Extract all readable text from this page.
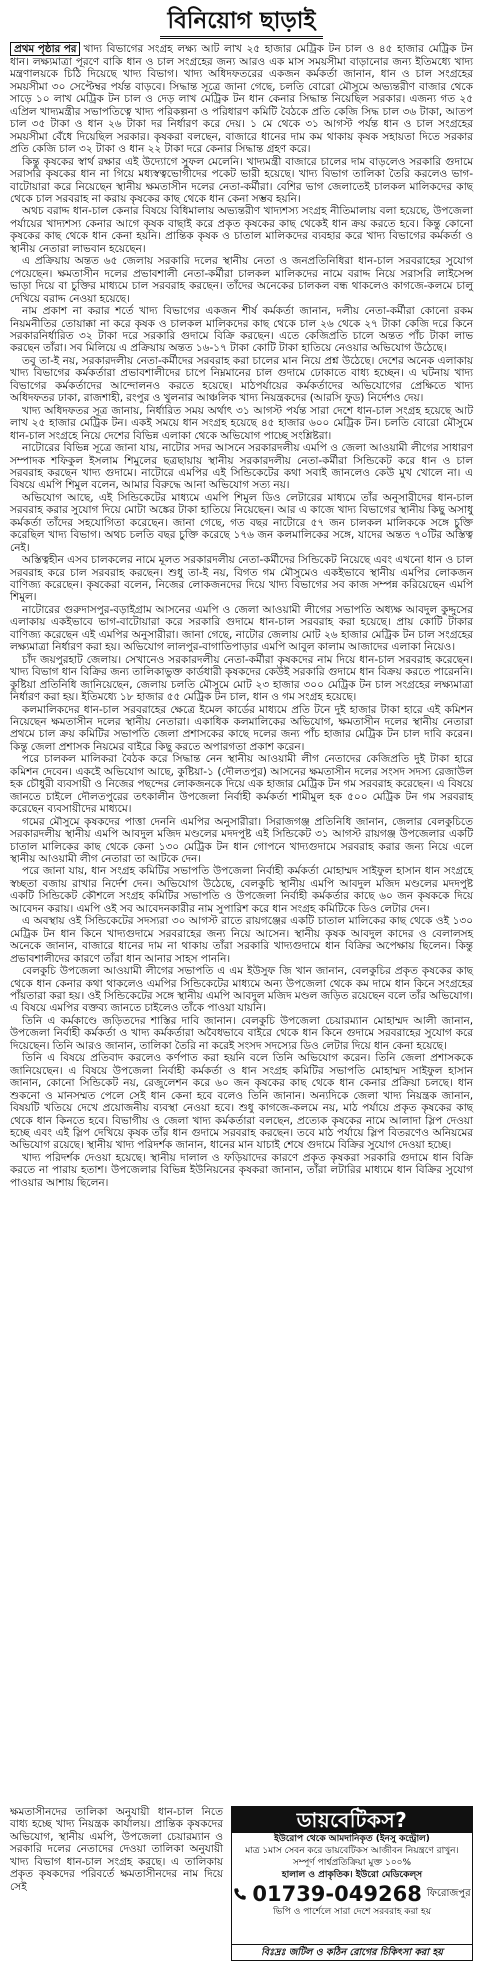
বিনিয়োগ ছাড়াই

প্রথম পৃষ্ঠার পর খাদ্য বিভাগের সংগ্রহ লক্ষ্য আট লাখ ২৫ হাজার মেট্রিক টন চাল ও ৪৫ হাজার মেট্রিক টন ধান। লক্ষ্যমাত্রা পূরণে বাকি ধান ও চাল সংগ্রহের জন্য আরও এক মাস সময়সীমা বাড়ানোর জন্য ইতিমধ্যে খাদ্য মন্ত্রণালয়কে চিঠি দিয়েছে খাদ্য বিভাগ। খাদ্য অধিদফতরের একজন কর্মকর্তা জানান, ধান ও চাল সংগ্রহের সময়সীমা ৩০ সেপ্টেম্বর পর্যন্ত বাড়বে। সিদ্ধান্ত সূত্রে জানা গেছে, চলতি বোরো মৌসুমে অভ্যন্তরীণ বাজার থেকে সাড়ে ১০ লাখ মেট্রিক টন চাল ও দেড় লাখ মেট্রিক টন ধান কেনার সিদ্ধান্ত নিয়েছিল সরকার। এজন্য গত ২৫ এপ্রিল খাদ্যমন্ত্রীর সভাপতিত্বে খাদ্য পরিকল্পনা ও পরিধারণ কমিটি বৈঠকে প্রতি কেজি সিদ্ধ চাল ৩৬ টাকা, আতপ চাল ৩৫ টাকা ও ধান ২৬ টাকা দর নির্ধারণ করে দেয়। ১ মে থেকে ৩১ আগস্ট পর্যন্ত ধান ও চাল সংগ্রহের সময়সীমা বেঁধে দিয়েছিল সরকার। কৃষকরা বলছেন, বাজারে ধানের দাম কম থাকায় কৃষক সহায়তা দিতে সরকার প্রতি কেজি চাল ৩২ টাকা ও ধান ২২ টাকা দরে কেনার সিদ্ধান্ত গ্রহণ করে।

কিন্তু কৃষকের স্বার্থ রক্ষার এই উদ্যোগে সুফল মেলেনি। খাদ্যমন্ত্রী বাজারে চালের দাম বাড়লেও সরকারি গুদামে সরাসরি কৃষকের ধান না গিয়ে মধ্যস্বত্বভোগীদের পকেট ভারী হয়েছে। খাদ্য বিভাগ তালিকা তৈরি করলেও ভাগ-বাটোয়ারা করে নিয়েছেন স্থানীয় ক্ষমতাসীন দলের নেতা-কর্মীরা। বেশির ভাগ জেলাতেই চালকল মালিকদের কাছ থেকে চাল সরবরাহ না করায় কৃষকের কাছ থেকে ধান কেনা সম্ভব হয়নি।

অথচ বরাদ্দ ধান-চাল কেনার বিষয়ে বিধিমালায় অভ্যন্তরীণ খাদ্যশস্য সংগ্রহ নীতিমালায় বলা হয়েছে, উপজেলা পর্যায়ের খাদ্যশস্য কেনার আগে কৃষক বাছাই করে প্রকৃত কৃষকের কাছ থেকেই ধান ক্রয় করতে হবে। কিন্তু কোনো কৃষকের কাছ থেকে ধান কেনা হয়নি। প্রান্তিক কৃষক ও চাতাল মালিকদের ব্যবহার করে খাদ্য বিভাগের কর্মকর্তা ও স্থানীয় নেতারা লাভবান হয়েছেন।

এ প্রক্রিয়ায় অন্তত ৬৫ জেলায় সরকারি দলের স্থানীয় নেতা ও জনপ্রতিনিধিরা ধান-চাল সরবরাহের সুযোগ পেয়েছেন। ক্ষমতাসীন দলের প্রভাবশালী নেতা-কর্মীরা চালকল মালিকদের নামে বরাদ্দ নিয়ে সরাসরি লাইসেন্স ভাড়া দিয়ে বা চুক্তির মাধ্যমে চাল সরবরাহ করছেন। তাঁদের অনেকের চালকল বন্ধ থাকলেও কাগজে-কলমে চালু দেখিয়ে বরাদ্দ নেওয়া হয়েছে।

নাম প্রকাশ না করার শর্তে খাদ্য বিভাগের একজন শীর্ষ কর্মকর্তা জানান, দলীয় নেতা-কর্মীরা কোনো রকম নিয়মনীতির তোয়াক্কা না করে কৃষক ও চালকল মালিকদের কাছ থেকে চাল ২৬ থেকে ২৭ টাকা কেজি দরে কিনে সরকারনির্ধারিত ৩২ টাকা দরে সরকারি গুদামে বিক্রি করছেন। এতে কেজিপ্রতি চালে অন্তত পাঁচ টাকা লাভ করছেন তাঁরা। সব মিলিয়ে এ প্রক্রিয়ায় অন্তত ১৬-১৭ টাকা কোটি টাকা হাতিয়ে নেওয়ার অভিযোগ উঠেছে।

তবু তা-ই নয়, সরকারদলীয় নেতা-কর্মীদের সরবরাহ করা চালের মান নিয়ে প্রশ্ন উঠেছে। দেশের অনেক এলাকায় খাদ্য বিভাগের কর্মকর্তারা প্রভাবশালীদের চাপে নিম্নমানের চাল গুদামে ঢোকাতে বাধ্য হচ্ছেন। এ ঘটনায় খাদ্য বিভাগের কর্মকর্তাদের আন্দোলনও করতে হয়েছে। মাঠপর্যায়ের কর্মকর্তাদের অভিযোগের প্রেক্ষিতে খাদ্য অধিদফতর ঢাকা, রাজশাহী, রংপুর ও খুলনার আঞ্চলিক খাদ্য নিয়ন্ত্রকদের (আরসি ফুড) নির্দেশও দেয়।

খাদ্য অধিদফতর সূত্র জানায়, নির্ধারিত সময় অর্থাৎ ৩১ আগস্ট পর্যন্ত সারা দেশে ধান-চাল সংগ্রহ হয়েছে আট লাখ ২৫ হাজার মেট্রিক টন। একই সময়ে ধান সংগ্রহ হয়েছে ৪৫ হাজার ৬০০ মেট্রিক টন। চলতি বোরো মৌসুমে ধান-চাল সংগ্রহে নিয়ে দেশের বিভিন্ন এলাকা থেকে অভিযোগ পাচ্ছে সংশ্লিষ্টরা।

নাটোরের বিভিন্ন সূত্রে জানা যায়, নাটোর সদর আসনে সরকারদলীয় এমপি ও জেলা আওয়ামী লীগের সাধারণ সম্পাদক শফিকুল ইসলাম শিমুলের ছত্রছায়ায় স্থানীয় সরকারদলীয় নেতা-কর্মীরা সিন্ডিকেট করে ধান ও চাল সরবরাহ করছেন খাদ্য গুদামে। নাটোরে এমপির এই সিন্ডিকেটের কথা সবাই জানলেও কেউ মুখ খোলে না। এ বিষয়ে এমপি শিমুল বলেন, আমার বিরুদ্ধে আনা অভিযোগ সত্য নয়।

অভিযোগ আছে, এই সিন্ডিকেটের মাধ্যমে এমপি শিমুল ডিও লেটারের মাধ্যমে তাঁর অনুসারীদের ধান-চাল সরবরাহ করার সুযোগ দিয়ে মোটা অঙ্কের টাকা হাতিয়ে নিয়েছেন। আর এ কাজে খাদ্য বিভাগের স্থানীয় কিছু অসাধু কর্মকর্তা তাঁদের সহযোগিতা করেছেন। জানা গেছে, গত বছর নাটোরে ৫৭ জন চালকল মালিককে সঙ্গে চুক্তি করেছিল খাদ্য বিভাগ। অথচ চলতি বছর চুক্তি করেছে ১৭৬ জন কলমালিকের সঙ্গে, যাদের অন্তত ৭০টির অস্তিত্ব নেই।

অস্তিত্বহীন এসব চালকলের নামে মূলত সরকারদলীয় নেতা-কর্মীদের সিন্ডিকেট নিয়েছে এবং এখনো ধান ও চাল সরবরাহ করে চাল সরবরাহ করছেন। শুধু তা-ই নয়, বিগত গম মৌসুমেও একইভাবে স্থানীয় এমপির লোকজন বাণিজ্য করেছেন। কৃষকেরা বলেন, নিজের লোকজনদের দিয়ে খাদ্য বিভাগের সব কাজ সম্পন্ন করিয়েছেন এমপি শিমুল।

নাটোরের গুরুদাসপুর-বড়াইগ্রাম আসনের এমপি ও জেলা আওয়ামী লীগের সভাপতি অধ্যক্ষ আবদুল কুদ্দুসের এলাকায় একইভাবে ভাগ-বাটোয়ারা করে সরকারি গুদামে ধান-চাল সরবরাহ করা হয়েছে। প্রায় কোটি টাকার বাণিজ্য করেছেন এই এমপির অনুসারীরা। জানা গেছে, নাটোর জেলায় মোট ২৬ হাজার মেট্রিক টন চাল সংগ্রহের লক্ষ্যমাত্রা নির্ধারণ করা হয়। অভিযোগ লালপুর-বাগাতিপাড়ার এমপি আবুল কালাম আজাদের এলাকা নিয়েও।

চাঁদ জয়পুরহাট জেলায়। সেখানেও সরকারদলীয় নেতা-কর্মীরা কৃষকদের নাম দিয়ে ধান-চাল সরবরাহ করেছেন। খাদ্য বিভাগ ধান বিক্রির জন্য তালিকাভুক্ত কার্ডধারী কৃষকদের কেউই সরকারি গুদামে ধান বিক্রয় করতে পারেননি। কুষ্টিয়া প্রতিনিধি জানিয়েছেন, জেলায় চলতি মৌসুমে মোট ২৩ হাজার ৩০০ মেট্রিক টন চাল সংগ্রহের লক্ষ্যমাত্রা নির্ধারণ করা হয়। ইতিমধ্যে ১৮ হাজার ৫৫ মেট্রিক টন চাল, ধান ও গম সংগ্রহ হয়েছে।

কলমালিকদের ধান-চাল সরবরাহের ক্ষেত্রে ইমেল কার্ডের মাধ্যমে প্রতি টনে দুই হাজার টাকা হারে এই কমিশন নিয়েছেন ক্ষমতাসীন দলের স্থানীয় নেতারা। একাধিক কলমালিকের অভিযোগ, ক্ষমতাসীন দলের স্থানীয় নেতারা প্রথমে চাল ক্রয় কমিটির সভাপতি জেলা প্রশাসকের কাছে দলের জন্য পাঁচ হাজার মেট্রিক টন চাল দাবি করেন। কিন্তু জেলা প্রশাসক নিয়মের বাইরে কিছু করতে অপারগতা প্রকাশ করেন।

পরে চালকল মালিকরা বৈঠক করে সিদ্ধান্ত নেন স্থানীয় আওয়ামী লীগ নেতাদের কেজিপ্রতি দুই টাকা হারে কমিশন দেবেন। একইে অভিযোগ আছে, কুষ্টিয়া-১ (দৌলতপুর) আসনের ক্ষমতাসীন দলের সংসদ সদস্য রেজাউল হক চৌধুরী ব্যবসায়ী ও নিজের পছন্দের লোকজনকে দিয়ে এক হাজার মেট্রিক টন গম সরবরাহ করেছেন। এ বিষয়ে জানতে চাইলে দৌলতপুরের তৎকালীন উপজেলা নির্বাহী কর্মকর্তা শামীমুল হক ৫০০ মেট্রিক টন গম সরবরাহ করেছেন ব্যবসায়ীদের মাধ্যমে।

গমের মৌসুমে কৃষকদের পাত্তা দেননি এমপির অনুসারীরা। সিরাজগঞ্জ প্রতিনিধি জানান, জেলার বেলকুচিতে সরকারদলীয় স্থানীয় এমপি আবদুল মজিদ মণ্ডলের মদদপুষ্ট এই সিন্ডিকেট ৩১ আগস্ট রায়গঞ্জ উপজেলার একটি চাতাল মালিকের কাছ থেকে কেনা ১৩০ মেট্রিক টন ধান গোপনে খাদ্যগুদামে সরবরাহ করার জন্য নিয়ে এলে স্থানীয় আওয়ামী লীগ নেতারা তা আটকে দেন।

পরে জানা যায়, ধান সংগ্রহ কমিটির সভাপতি উপজেলা নির্বাহী কর্মকর্তা মোহাম্মদ সাইফুল হাসান ধান সংগ্রহে স্বচ্ছতা বজায় রাখার নির্দেশ দেন। অভিযোগ উঠেছে, বেলকুচি স্থানীয় এমপি আবদুল মজিদ মণ্ডলের মদদপুষ্ট একটি সিন্ডিকেট কৌশলে সংগ্রহ কমিটির সভাপতি ও উপজেলা নির্বাহী কর্মকর্তার কাছে ৬০ জন কৃষককে দিয়ে আবেদন করায়। এমপি ওই সব আবেদনকারীর নাম সুপারিশ করে ধান সংগ্রহ কমিটিকে ডিও লেটার দেন।

এ অবস্থায় ওই সিন্ডিকেটের সদস্যরা ৩০ আগস্ট রাতে রায়গঞ্জের একটি চাতাল মালিকের কাছ থেকে ওই ১৩০ মেট্রিক টন ধান কিনে খাদ্যগুদামে সরবরাহের জন্য নিয়ে আসেন। স্থানীয় কৃষক আবদুল কাদের ও বেলালসহ অনেকে জানান, বাজারে ধানের দাম না থাকায় তাঁরা সরকারি খাদ্যগুদামে ধান বিক্রির অপেক্ষায় ছিলেন। কিন্তু প্রভাবশালীদের কারণে তাঁরা ধান আনার সাহস পাননি।

বেলকুচি উপজেলা আওয়ামী লীগের সভাপতি এ এম ইউসুফ জি খান জানান, বেলকুচির প্রকৃত কৃষকের কাছ থেকে ধান কেনার কথা থাকলেও এমপির সিন্ডিকেটের মাধ্যমে অন্য উপজেলা থেকে কম দামে ধান কিনে সংগ্রহের পাঁয়তারা করা হয়। ওই সিন্ডিকেটের সঙ্গে স্থানীয় এমপি আবদুল মজিদ মণ্ডল জড়িত রয়েছেন বলে তাঁর অভিযোগ। এ বিষয়ে এমপির বক্তব্য জানতে চাইলেও তাঁকে পাওয়া যায়নি।

তিনি এ কর্মকাণ্ডে জড়িতদের শাস্তির দাবি জানান। বেলকুচি উপজেলা চেয়ারম্যান মোহাম্মদ আলী জানান, উপজেলা নির্বাহী কর্মকর্তা ও খাদ্য কর্মকর্তারা অবৈধভাবে বাইরে থেকে ধান কিনে গুদামে সরবরাহের সুযোগ করে দিয়েছেন। তিনি আরও জানান, তালিকা তৈরি না করেই সংসদ সদস্যের ডিও লেটার দিয়ে ধান কেনা হয়েছে।

তিনি এ বিষয়ে প্রতিবাদ করলেও কর্ণপাত করা হয়নি বলে তিনি অভিযোগ করেন। তিনি জেলা প্রশাসককে জানিয়েছেন। এ বিষয়ে উপজেলা নির্বাহী কর্মকর্তা ও ধান সংগ্রহ কমিটির সভাপতি মোহাম্মদ সাইফুল হাসান জানান, কোনো সিন্ডিকেট নয়, রেজুলেশন করে ৬০ জন কৃষকের কাছ থেকে ধান কেনার প্রক্রিয়া চলছে। ধান শুকনো ও মানসম্মত পেলে সেই ধান কেনা হবে বলেও তিনি জানান। অন্যদিকে জেলা খাদ্য নিয়ন্ত্রক জানান, বিষয়টি খতিয়ে দেখে প্রয়োজনীয় ব্যবস্থা নেওয়া হবে। শুধু কাগজে-কলমে নয়, মাঠ পর্যায়ে প্রকৃত কৃষকের কাছ থেকে ধান কিনতে হবে। বিভাগীয় ও জেলা খাদ্য কর্মকর্তারা বলছেন, প্রত্যেক কৃষকের নামে আলাদা স্লিপ দেওয়া হচ্ছে এবং এই স্লিপ দেখিয়ে কৃষক তাঁর ধান গুদামে সরবরাহ করছেন। তবে মাঠ পর্যায়ে স্লিপ বিতরণেও অনিয়মের অভিযোগ রয়েছে। স্থানীয় খাদ্য পরিদর্শক জানান, ধানের মান যাচাই শেষে গুদামে বিক্রির সুযোগ দেওয়া হচ্ছে।

খাদ্য পরিদর্শক দেওয়া হয়েছে। স্থানীয় দালাল ও ফড়িয়াদের কারণে প্রকৃত কৃষকরা সরকারি গুদামে ধান বিক্রি করতে না পারায় হতাশ। উপজেলার বিভিন্ন ইউনিয়নের কৃষকরা জানান, তাঁরা লটারির মাধ্যমে ধান বিক্রির সুযোগ পাওয়ার আশায় ছিলেন।

ক্ষমতাসীনদের তালিকা অনুযায়ী ধান-চাল নিতে বাধ্য হচ্ছে খাদ্য নিয়ন্ত্রক কার্যালয়। প্রান্তিক কৃষকদের অভিযোগ, স্থানীয় এমপি, উপজেলা চেয়ারম্যান ও সরকারি দলের নেতাদের দেওয়া তালিকা অনুযায়ী খাদ্য বিভাগ ধান-চাল সংগ্রহ করছে। এ তালিকায় প্রকৃত কৃষকদের পরিবর্তে ক্ষমতাসীনদের নাম দিয়ে সেই

ডায়বেটিকস?
ইউরোপ থেকে আমদানিকৃত (ইনসু কন্ট্রোল)
মাত্র ১মাস সেবন করে ডায়বেটিকস আজীবন নিয়ন্ত্রণে রাখুন। সম্পূর্ণ পার্শ্বপ্রতিক্রিয়া মুক্ত ১০০%
হালাল ও প্রাকৃতিক। ইউরো মেডিকেল্‌স
01739-049268 ফিরোজপুর
ভিপি ও পার্শেলে সারা দেশে সরবরাহ করা হয়
বিঃদ্রঃ জটিল ও কঠিন রোগের চিকিৎসা করা হয়
